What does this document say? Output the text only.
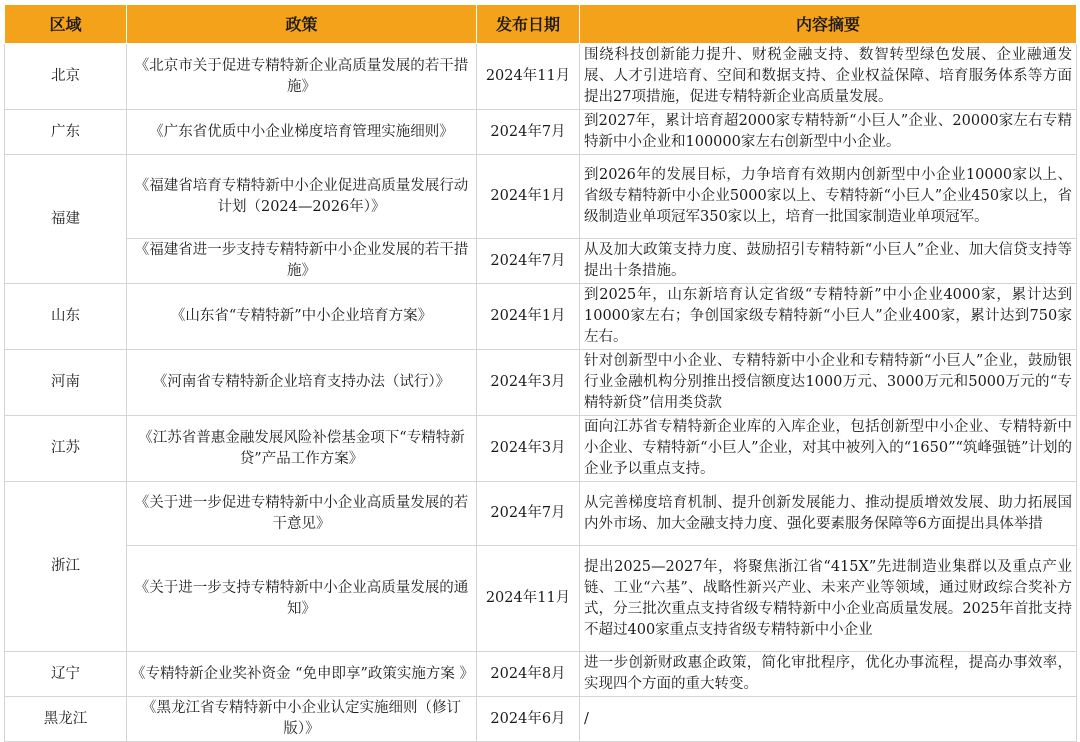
区域	政策	发布日期	内容摘要
北京	《北京市关于促进专精特新企业高质量发展的若干措施》	2024年11月	围绕科技创新能力提升、财税金融支持、数智转型绿色发展、企业融通发展、人才引进培育、空间和数据支持、企业权益保障、培育服务体系等方面提出27项措施，促进专精特新企业高质量发展。
广东	《广东省优质中小企业梯度培育管理实施细则》	2024年7月	到2027年，累计培育超2000家专精特新“小巨人”企业、20000家左右专精特新中小企业和100000家左右创新型中小企业。
福建	《福建省培育专精特新中小企业促进高质量发展行动计划（2024—2026年）》	2024年1月	到2026年的发展目标，力争培育有效期内创新型中小企业10000家以上、省级专精特新中小企业5000家以上、专精特新“小巨人”企业450家以上，省级制造业单项冠军350家以上，培育一批国家制造业单项冠军。
	《福建省进一步支持专精特新中小企业发展的若干措施》	2024年7月	从及加大政策支持力度、鼓励招引专精特新“小巨人”企业、加大信贷支持等提出十条措施。
山东	《山东省“专精特新”中小企业培育方案》	2024年1月	到2025年，山东新培育认定省级“专精特新”中小企业4000家，累计达到10000家左右；争创国家级专精特新“小巨人”企业400家，累计达到750家左右。
河南	《河南省专精特新企业培育支持办法（试行）》	2024年3月	针对创新型中小企业、专精特新中小企业和专精特新“小巨人”企业，鼓励银行业金融机构分别推出授信额度达1000万元、3000万元和5000万元的“专精特新贷”信用类贷款
江苏	《江苏省普惠金融发展风险补偿基金项下“专精特新贷”产品工作方案》	2024年3月	面向江苏省专精特新企业库的入库企业，包括创新型中小企业、专精特新中小企业、专精特新“小巨人”企业，对其中被列入的“1650”“筑峰强链”计划的企业予以重点支持。
浙江	《关于进一步促进专精特新中小企业高质量发展的若干意见》	2024年7月	从完善梯度培育机制、提升创新发展能力、推动提质增效发展、助力拓展国内外市场、加大金融支持力度、强化要素服务保障等6方面提出具体举措
	《关于进一步支持专精特新中小企业高质量发展的通知》	2024年11月	提出2025—2027年，将聚焦浙江省“415X”先进制造业集群以及重点产业链、工业“六基”、战略性新兴产业、未来产业等领域，通过财政综合奖补方式，分三批次重点支持省级专精特新中小企业高质量发展。2025年首批支持不超过400家重点支持省级专精特新中小企业
辽宁	《专精特新企业奖补资金 “免申即享”政策实施方案 》	2024年8月	进一步创新财政惠企政策，简化审批程序，优化办事流程，提高办事效率，实现四个方面的重大转变。
黑龙江	《黑龙江省专精特新中小企业认定实施细则（修订版）》	2024年6月	/
